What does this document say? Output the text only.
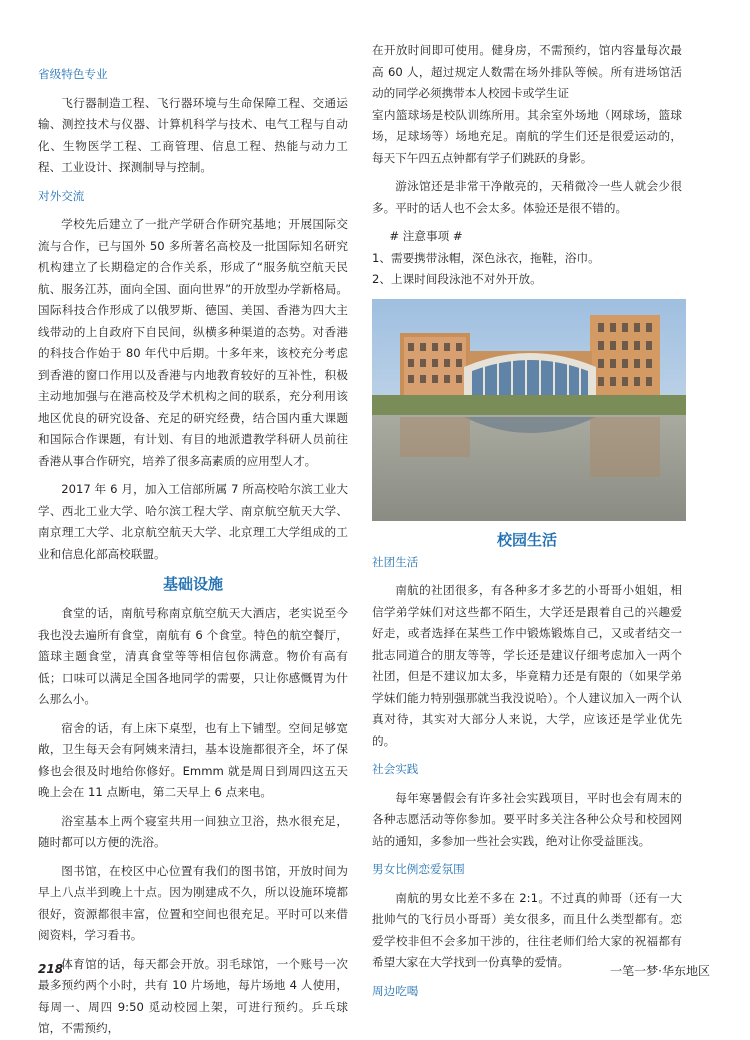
省级特色专业

飞行器制造工程、飞行器环境与生命保障工程、交通运输、测控技术与仪器、计算机科学与技术、电气工程与自动化、生物医学工程、工商管理、信息工程、热能与动力工程、工业设计、探测制导与控制。

对外交流

学校先后建立了一批产学研合作研究基地；开展国际交流与合作，已与国外 50 多所著名高校及一批国际知名研究机构建立了长期稳定的合作关系，形成了“服务航空航天民航、服务江苏，面向全国、面向世界”的开放型办学新格局。国际科技合作形成了以俄罗斯、德国、美国、香港为四大主线带动的上自政府下自民间，纵横多种渠道的态势。对香港的科技合作始于 80 年代中后期。十多年来，该校充分考虑到香港的窗口作用以及香港与内地教育较好的互补性，积极主动地加强与在港高校及学术机构之间的联系，充分利用该地区优良的研究设备、充足的研究经费，结合国内重大课题和国际合作课题，有计划、有目的地派遣教学科研人员前往香港从事合作研究，培养了很多高素质的应用型人才。

2017 年 6 月，加入工信部所属 7 所高校哈尔滨工业大学、西北工业大学、哈尔滨工程大学、南京航空航天大学、南京理工大学、北京航空航天大学、北京理工大学组成的工业和信息化部高校联盟。

基础设施

食堂的话，南航号称南京航空航天大酒店，老实说至今我也没去遍所有食堂，南航有 6 个食堂。特色的航空餐厅，篮球主题食堂，清真食堂等等相信包你满意。物价有高有低；口味可以满足全国各地同学的需要，只让你感慨胃为什么那么小。

宿舍的话，有上床下桌型，也有上下铺型。空间足够宽敞，卫生每天会有阿姨来清扫，基本设施都很齐全，坏了保修也会很及时地给你修好。Emmm 就是周日到周四这五天晚上会在 11 点断电，第二天早上 6 点来电。

浴室基本上两个寝室共用一间独立卫浴，热水很充足，随时都可以方便的洗浴。

图书馆，在校区中心位置有我们的图书馆，开放时间为早上八点半到晚上十点。因为刚建成不久，所以设施环境都很好，资源都很丰富，位置和空间也很充足。平时可以来借阅资料，学习看书。

体育馆的话，每天都会开放。羽毛球馆，一个账号一次最多预约两个小时，共有 10 片场地，每片场地 4 人使用，每周一、周四 9:50 觅动校园上架，可进行预约。乒乓球馆，不需预约，

在开放时间即可使用。健身房，不需预约，馆内容量每次最高 60 人，超过规定人数需在场外排队等候。所有进场馆活动的同学必须携带本人校园卡或学生证

室内篮球场是校队训练所用。其余室外场地（网球场，篮球场，足球场等）场地充足。南航的学生们还是很爱运动的，每天下午四五点钟都有学子们跳跃的身影。

游泳馆还是非常干净敞亮的，天稍微冷一些人就会少很多。平时的话人也不会太多。体验还是很不错的。

# 注意事项 #

1、需要携带泳帽，深色泳衣，拖鞋，浴巾。

2、上课时间段泳池不对外开放。

校园生活
社团生活

南航的社团很多，有各种多才多艺的小哥哥小姐姐，相信学弟学妹们对这些都不陌生，大学还是跟着自己的兴趣爱好走，或者选择在某些工作中锻炼锻炼自己，又或者结交一批志同道合的朋友等等，学长还是建议仔细考虑加入一两个社团，但是不建议加太多，毕竟精力还是有限的（如果学弟学妹们能力特别强那就当我没说哈）。个人建议加入一两个认真对待，其实对大部分人来说，大学，应该还是学业优先的。

社会实践

每年寒暑假会有许多社会实践项目，平时也会有周末的各种志愿活动等你参加。要平时多关注各种公众号和校园网站的通知，多参加一些社会实践，绝对让你受益匪浅。

男女比例恋爱氛围

南航的男女比差不多在 2:1。不过真的帅哥（还有一大批帅气的飞行员小哥哥）美女很多，而且什么类型都有。恋爱学校非但不会多加干涉的，往往老师们给大家的祝福都有希望大家在大学找到一份真挚的爱情。

周边吃喝
218	一笔一梦·华东地区
